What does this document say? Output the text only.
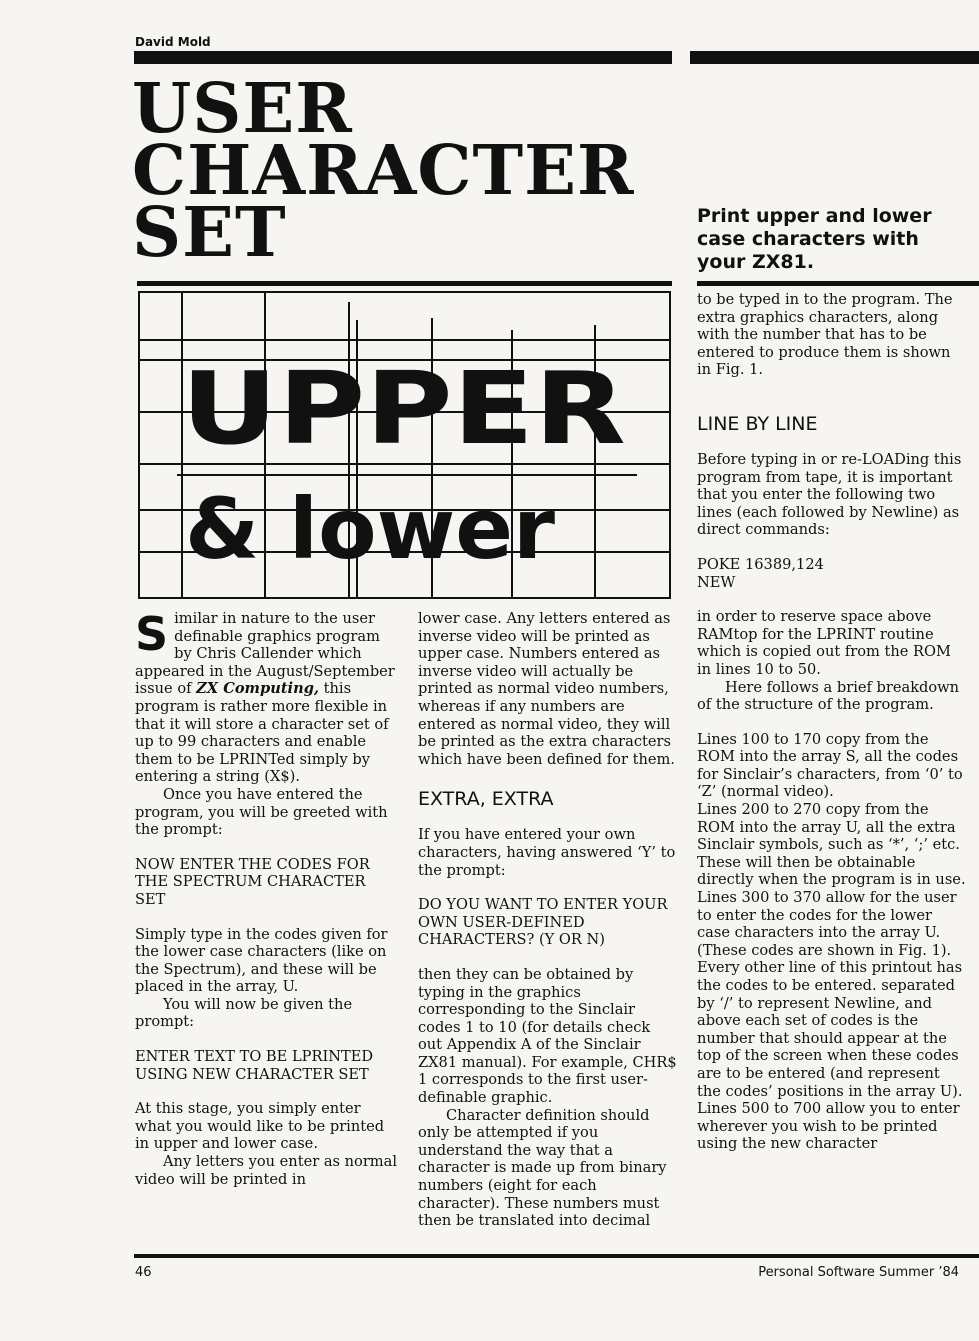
David Mold
USER
CHARACTER
SET	Print upper and lower case characters with your ZX81.
UPPER
& lower

Similar in nature to the user definable graphics program by Chris Callender which appeared in the August/September issue of ZX Computing, this program is rather more flexible in that it will store a character set of up to 99 characters and enable them to be LPRINTed simply by entering a string (X$).

Once you have entered the program, you will be greeted with the prompt:

NOW ENTER THE CODES FOR THE SPECTRUM CHARACTER SET

Simply type in the codes given for the lower case characters (like on the Spectrum), and these will be placed in the array, U.

You will now be given the prompt:

ENTER TEXT TO BE LPRINTED USING NEW CHARACTER SET

At this stage, you simply enter what you would like to be printed in upper and lower case.

Any letters you enter as normal video will be printed in

lower case. Any letters entered as inverse video will be printed as upper case. Numbers entered as inverse video will actually be printed as normal video numbers, whereas if any numbers are entered as normal video, they will be printed as the extra characters which have been defined for them.

EXTRA, EXTRA

If you have entered your own characters, having answered ‘Y’ to the prompt:

DO YOU WANT TO ENTER YOUR OWN USER-DEFINED CHARACTERS? (Y OR N)

then they can be obtained by typing in the graphics corresponding to the Sinclair codes 1 to 10 (for details check out Appendix A of the Sinclair ZX81 manual). For example, CHR$ 1 corresponds to the first user-definable graphic.

Character definition should only be attempted if you understand the way that a character is made up from binary numbers (eight for each character). These numbers must then be translated into decimal

to be typed in to the program. The extra graphics characters, along with the number that has to be entered to produce them is shown in Fig. 1.

LINE BY LINE

Before typing in or re-LOADing this program from tape, it is important that you enter the following two lines (each followed by Newline) as direct commands:

POKE 16389,124

NEW

in order to reserve space above RAMtop for the LPRINT routine which is copied out from the ROM in lines 10 to 50.

Here follows a brief breakdown of the structure of the program.

Lines 100 to 170 copy from the ROM into the array S, all the codes for Sinclair’s characters, from ‘0’ to ‘Z’ (normal video).

Lines 200 to 270 copy from the ROM into the array U, all the extra Sinclair symbols, such as ‘*’, ‘;’ etc. These will then be obtainable directly when the program is in use.

Lines 300 to 370 allow for the user to enter the codes for the lower case characters into the array U. (These codes are shown in Fig. 1). Every other line of this printout has the codes to be entered. separated by ‘/’ to represent Newline, and above each set of codes is the number that should appear at the top of the screen when these codes are to be entered (and represent the codes’ positions in the array U).

Lines 500 to 700 allow you to enter wherever you wish to be printed using the new character

46	Personal Software Summer ’84
